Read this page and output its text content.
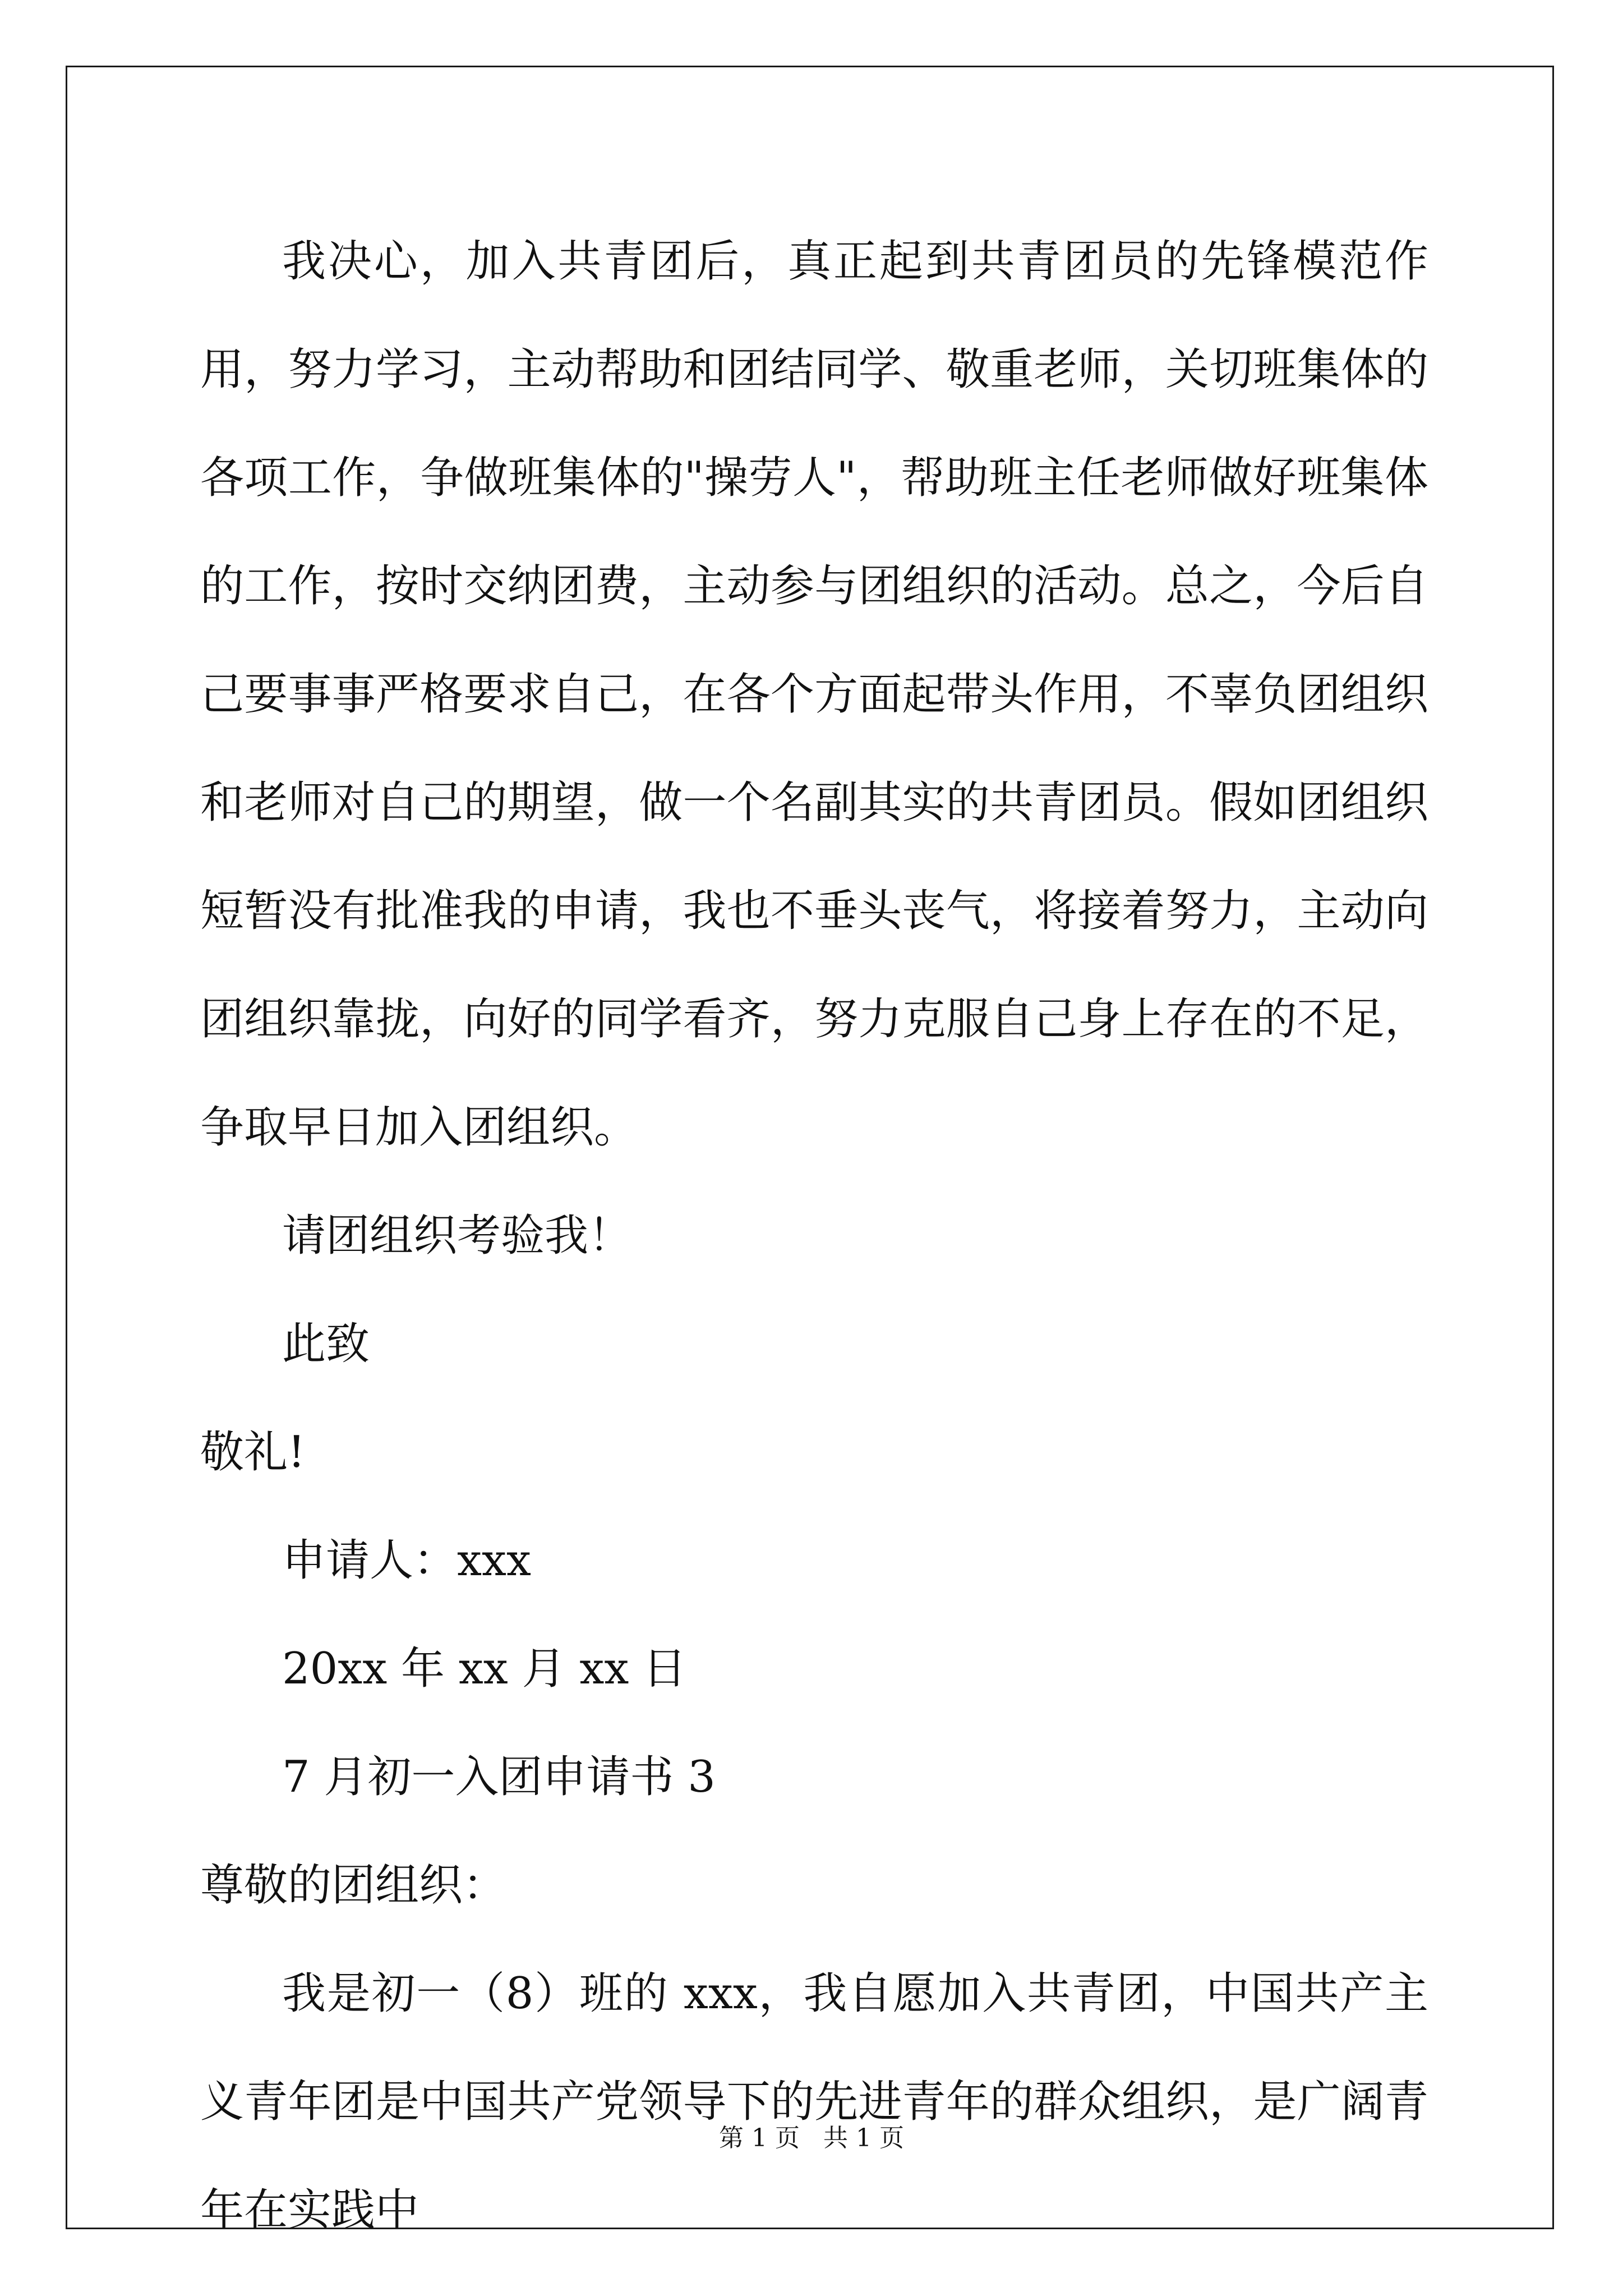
我决心，加入共青团后，真正起到共青团员的先锋模范作用，努力学习，主动帮助和团结同学、敬重老师，关切班集体的各项工作，争做班集体的"操劳人"，帮助班主任老师做好班集体的工作，按时交纳团费，主动参与团组织的活动。总之，今后自己要事事严格要求自己，在各个方面起带头作用，不辜负团组织和老师对自己的期望，做一个名副其实的共青团员。假如团组织短暂没有批准我的申请，我也不垂头丧气，将接着努力，主动向团组织靠拢，向好的同学看齐，努力克服自己身上存在的不足，争取早日加入团组织。

请团组织考验我！

此致

敬礼!

申请人：xxx

20xx 年 xx 月 xx 日

7 月初一入团申请书 3

尊敬的团组织：

我是初一（8）班的 xxx，我自愿加入共青团，中国共产主义青年团是中国共产党领导下的先进青年的群众组织，是广阔青年在实践中

第 1 页   共 1 页
